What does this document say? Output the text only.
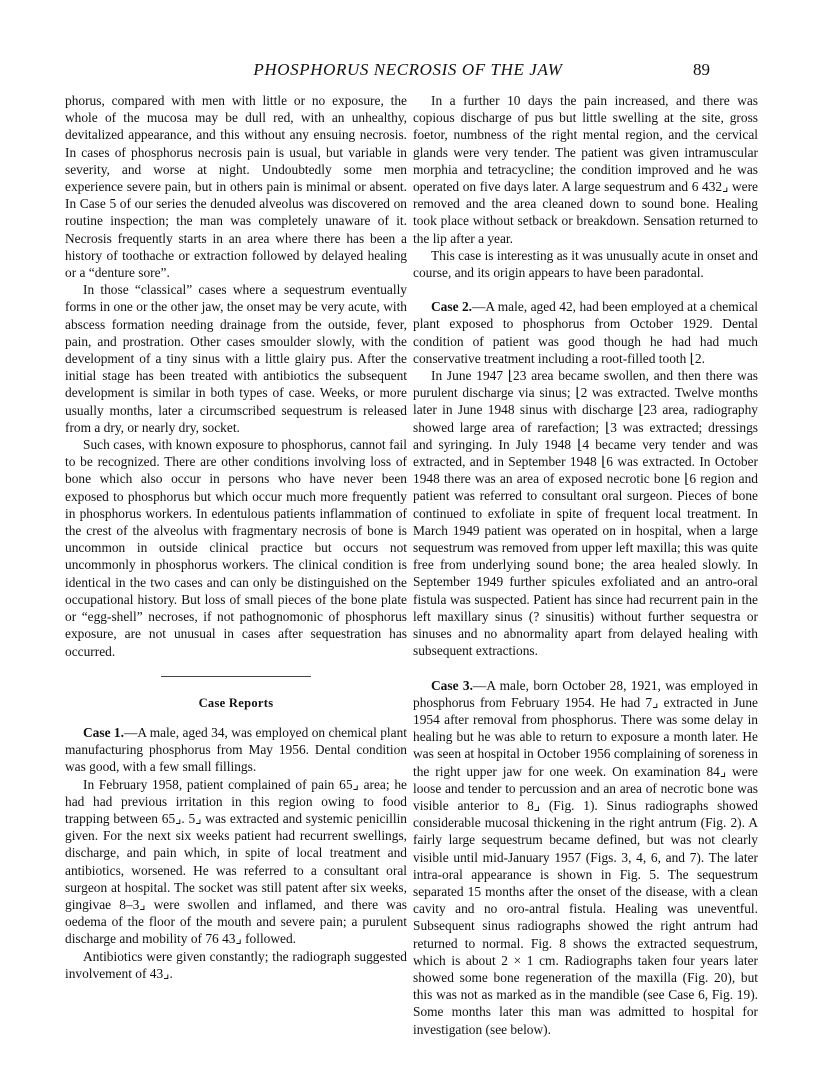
PHOSPHORUS NECROSIS OF THE JAW	89

phorus, compared with men with little or no exposure, the whole of the mucosa may be dull red, with an unhealthy, devitalized appearance, and this without any ensuing necrosis. In cases of phosphorus necrosis pain is usual, but variable in severity, and worse at night. Undoubtedly some men experience severe pain, but in others pain is minimal or absent. In Case 5 of our series the denuded alveolus was discovered on routine inspection; the man was completely unaware of it. Necrosis frequently starts in an area where there has been a history of toothache or extraction followed by delayed healing or a “denture sore”.

In those “classical” cases where a sequestrum eventually forms in one or the other jaw, the onset may be very acute, with abscess formation needing drainage from the outside, fever, pain, and prostration. Other cases smoulder slowly, with the development of a tiny sinus with a little glairy pus. After the initial stage has been treated with antibiotics the subsequent development is similar in both types of case. Weeks, or more usually months, later a circumscribed sequestrum is released from a dry, or nearly dry, socket.

Such cases, with known exposure to phosphorus, cannot fail to be recognized. There are other conditions involving loss of bone which also occur in persons who have never been exposed to phosphorus but which occur much more frequently in phosphorus workers. In edentulous patients inflammation of the crest of the alveolus with fragmentary necrosis of bone is uncommon in outside clinical practice but occurs not uncommonly in phosphorus workers. The clinical condition is identical in the two cases and can only be distinguished on the occupational history. But loss of small pieces of the bone plate or “egg-shell” necroses, if not pathognomonic of phosphorus exposure, are not unusual in cases after sequestration has occurred.

Case Reports

Case 1.—A male, aged 34, was employed on chemical plant manufacturing phosphorus from May 1956. Dental condition was good, with a few small fillings.

In February 1958, patient complained of pain 65⌟ area; he had had previous irritation in this region owing to food trapping between 65⌟. 5⌟ was extracted and systemic penicillin given. For the next six weeks patient had recurrent swellings, discharge, and pain which, in spite of local treatment and antibiotics, worsened. He was referred to a consultant oral surgeon at hospital. The socket was still patent after six weeks, gingivae 8–3⌟ were swollen and inflamed, and there was oedema of the floor of the mouth and severe pain; a purulent discharge and mobility of 76 43⌟ followed.

Antibiotics were given constantly; the radiograph suggested involvement of 43⌟.

In a further 10 days the pain increased, and there was copious discharge of pus but little swelling at the site, gross foetor, numbness of the right mental region, and the cervical glands were very tender. The patient was given intramuscular morphia and tetracycline; the condition improved and he was operated on five days later. A large sequestrum and 6 432⌟ were removed and the area cleaned down to sound bone. Healing took place without setback or breakdown. Sensation returned to the lip after a year.

This case is interesting as it was unusually acute in onset and course, and its origin appears to have been paradontal.

Case 2.—A male, aged 42, had been employed at a chemical plant exposed to phosphorus from October 1929. Dental condition of patient was good though he had had much conservative treatment including a root-filled tooth ⌊2.

In June 1947 ⌊23 area became swollen, and then there was purulent discharge via sinus; ⌊2 was extracted. Twelve months later in June 1948 sinus with discharge ⌊23 area, radiography showed large area of rarefaction; ⌊3 was extracted; dressings and syringing. In July 1948 ⌊4 became very tender and was extracted, and in September 1948 ⌊6 was extracted. In October 1948 there was an area of exposed necrotic bone ⌊6 region and patient was referred to consultant oral surgeon. Pieces of bone continued to exfoliate in spite of frequent local treatment. In March 1949 patient was operated on in hospital, when a large sequestrum was removed from upper left maxilla; this was quite free from underlying sound bone; the area healed slowly. In September 1949 further spicules exfoliated and an antro-oral fistula was suspected. Patient has since had recurrent pain in the left maxillary sinus (? sinusitis) without further sequestra or sinuses and no abnormality apart from delayed healing with subsequent extractions.

Case 3.—A male, born October 28, 1921, was employed in phosphorus from February 1954. He had 7⌟ extracted in June 1954 after removal from phosphorus. There was some delay in healing but he was able to return to exposure a month later. He was seen at hospital in October 1956 complaining of soreness in the right upper jaw for one week. On examination 84⌟ were loose and tender to percussion and an area of necrotic bone was visible anterior to 8⌟ (Fig. 1). Sinus radiographs showed considerable mucosal thickening in the right antrum (Fig. 2). A fairly large sequestrum became defined, but was not clearly visible until mid-January 1957 (Figs. 3, 4, 6, and 7). The later intra-oral appearance is shown in Fig. 5. The sequestrum separated 15 months after the onset of the disease, with a clean cavity and no oro-antral fistula. Healing was uneventful. Subsequent sinus radiographs showed the right antrum had returned to normal. Fig. 8 shows the extracted sequestrum, which is about 2 × 1 cm. Radiographs taken four years later showed some bone regeneration of the maxilla (Fig. 20), but this was not as marked as in the mandible (see Case 6, Fig. 19). Some months later this man was admitted to hospital for investigation (see below).
